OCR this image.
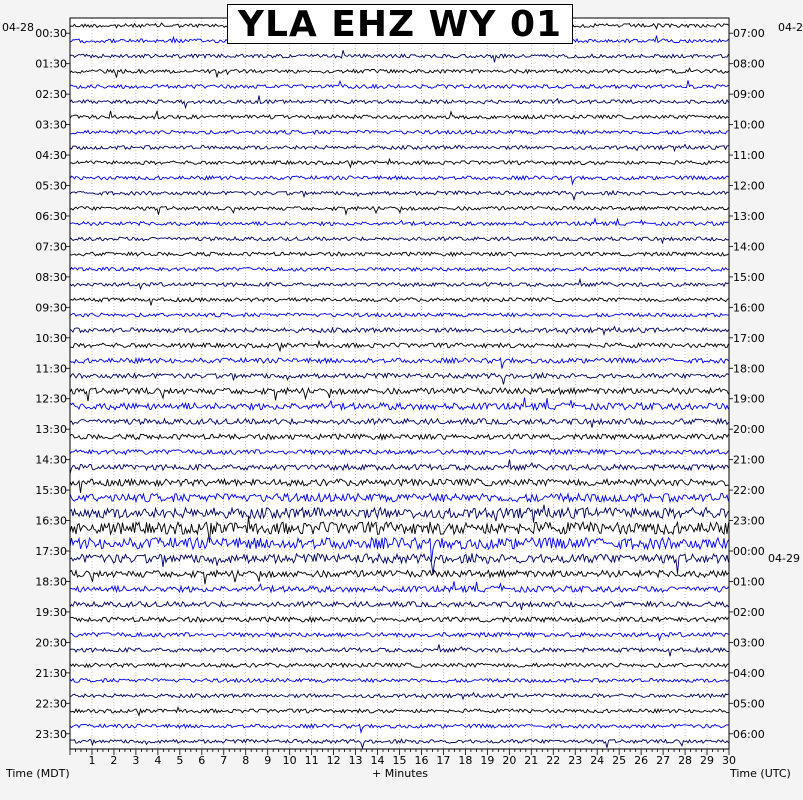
1 2 3 4 5 6 7 8 9 10 11 12 13 14 15 16 17 18 19 20 21 22 23 24 25 26 27 28 29 30
00:30
01:30
02:30
03:30
04:30
05:30
06:30
07:30
08:30
09:30
10:30
11:30
12:30
13:30
14:30
15:30
16:30
17:30
18:30
19:30
20:30
21:30
22:30
23:30
07:00
08:00
09:00
10:00
11:00
12:00
13:00
14:00
15:00
16:00
17:00
18:00
19:00
20:00
21:00
22:00
23:00
00:00
01:00
02:00
03:00
04:00
05:00
06:00
YLA EHZ WY 01
04-28	04-2
04-29
Time (MDT)	+ Minutes	Time (UTC)
